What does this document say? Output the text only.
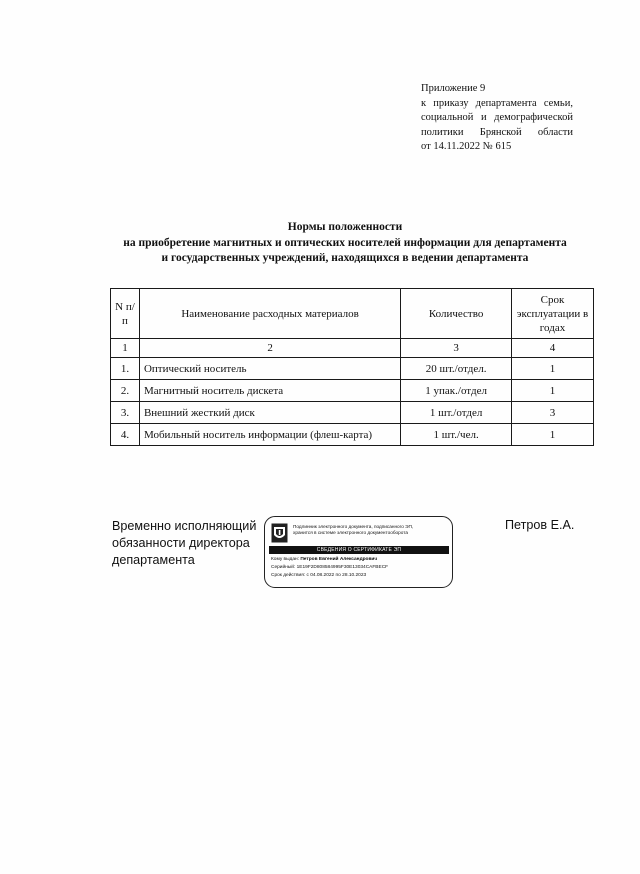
Приложение 9
к приказу департамента семьи,
социальной и демографической
политики Брянской области
от 14.11.2022 № 615
Нормы положенности
на приобретение магнитных и оптических носителей информации для департамента
и государственных учреждений, находящихся в ведении департамента
N п/п	Наименование расходных материалов	Количество	Срок эксплуатации в годах
1	2	3	4
1.	Оптический носитель	20 шт./отдел.	1
2.	Магнитный носитель дискета	1 упак./отдел	1
3.	Внешний жесткий диск	1 шт./отдел	3
4.	Мобильный носитель информации (флеш-карта)	1 шт./чел.	1
Временно исполняющий
обязанности директора
департамента
Подлинник электронного документа, подписанного ЭП,
хранится в системе электронного документооборота
СВЕДЕНИЯ О СЕРТИФИКАТЕ ЭП
Кому выдан: Петров Евгений Александрович
Серийный: 1E19F2D808584995F30E13034CAFBECF
Срок действия: с 04.08.2022 по 28.10.2023
Петров Е.А.
